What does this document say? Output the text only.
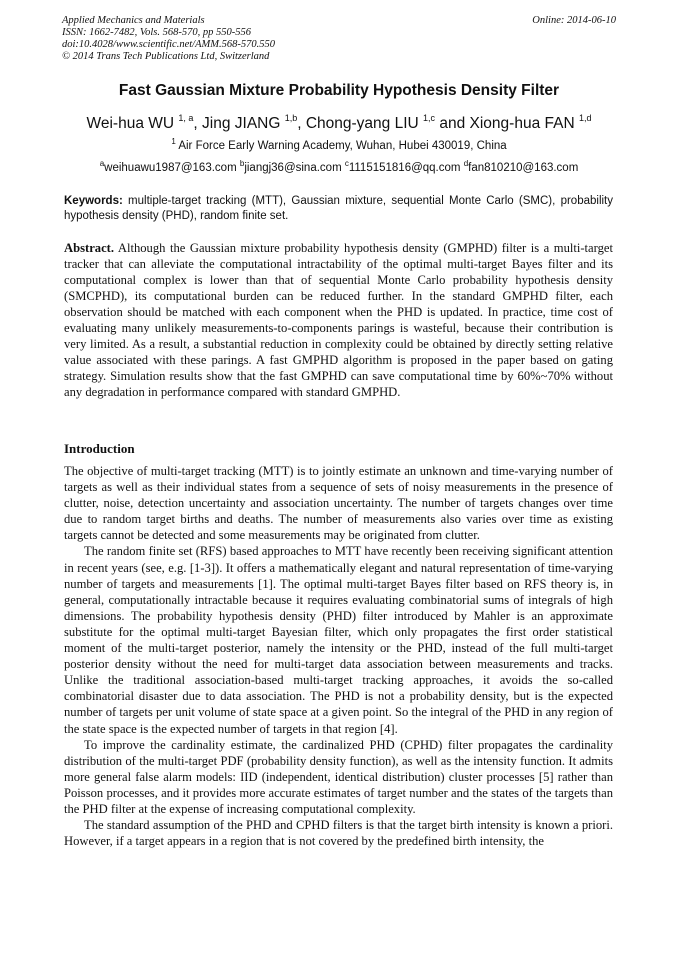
Applied Mechanics and Materials
ISSN: 1662-7482, Vols. 568-570, pp 550-556
doi:10.4028/www.scientific.net/AMM.568-570.550
© 2014 Trans Tech Publications Ltd, Switzerland
Online: 2014-06-10
Fast Gaussian Mixture Probability Hypothesis Density Filter
Wei-hua WU $^{1, a}$, Jing JIANG $^{1,b}$, Chong-yang LIU $^{1,c}$ and Xiong-hua FAN $^{1,d}$
$^1$ Air Force Early Warning Academy, Wuhan, Hubei 430019, China
$^a$weihuawu1987@163.com $^b$jiangj36@sina.com $^c$1115151816@qq.com $^d$fan810210@163.com
Keywords: multiple-target tracking (MTT), Gaussian mixture, sequential Monte Carlo (SMC), probability hypothesis density (PHD), random finite set.
Abstract. Although the Gaussian mixture probability hypothesis density (GMPHD) filter is a multi-target tracker that can alleviate the computational intractability of the optimal multi-target Bayes filter and its computational complex is lower than that of sequential Monte Carlo probability hypothesis density (SMCPHD), its computational burden can be reduced further. In the standard GMPHD filter, each observation should be matched with each component when the PHD is updated. In practice, time cost of evaluating many unlikely measurements-to-components parings is wasteful, because their contribution is very limited. As a result, a substantial reduction in complexity could be obtained by directly setting relative value associated with these parings. A fast GMPHD algorithm is proposed in the paper based on gating strategy. Simulation results show that the fast GMPHD can save computational time by 60%~70% without any degradation in performance compared with standard GMPHD.
Introduction

The objective of multi-target tracking (MTT) is to jointly estimate an unknown and time-varying number of targets as well as their individual states from a sequence of sets of noisy measurements in the presence of clutter, noise, detection uncertainty and association uncertainty. The number of targets changes over time due to random target births and deaths. The number of measurements also varies over time as existing targets cannot be detected and some measurements may be originated from clutter.

The random finite set (RFS) based approaches to MTT have recently been receiving significant attention in recent years (see, e.g. [1-3]). It offers a mathematically elegant and natural representation of time-varying number of targets and measurements [1]. The optimal multi-target Bayes filter based on RFS theory is, in general, computationally intractable because it requires evaluating combinatorial sums of integrals of high dimensions. The probability hypothesis density (PHD) filter introduced by Mahler is an approximate substitute for the optimal multi-target Bayesian filter, which only propagates the first order statistical moment of the multi-target posterior, namely the intensity or the PHD, instead of the full multi-target posterior density without the need for multi-target data association between measurements and tracks. Unlike the traditional association-based multi-target tracking approaches, it avoids the so-called combinatorial disaster due to data association. The PHD is not a probability density, but is the expected number of targets per unit volume of state space at a given point. So the integral of the PHD in any region of the state space is the expected number of targets in that region [4].

To improve the cardinality estimate, the cardinalized PHD (CPHD) filter propagates the cardinality distribution of the multi-target PDF (probability density function), as well as the intensity function. It admits more general false alarm models: IID (independent, identical distribution) cluster processes [5] rather than Poisson processes, and it provides more accurate estimates of target number and the states of the targets than the PHD filter at the expense of increasing computational complexity.

The standard assumption of the PHD and CPHD filters is that the target birth intensity is known a priori. However, if a target appears in a region that is not covered by the predefined birth intensity, the
